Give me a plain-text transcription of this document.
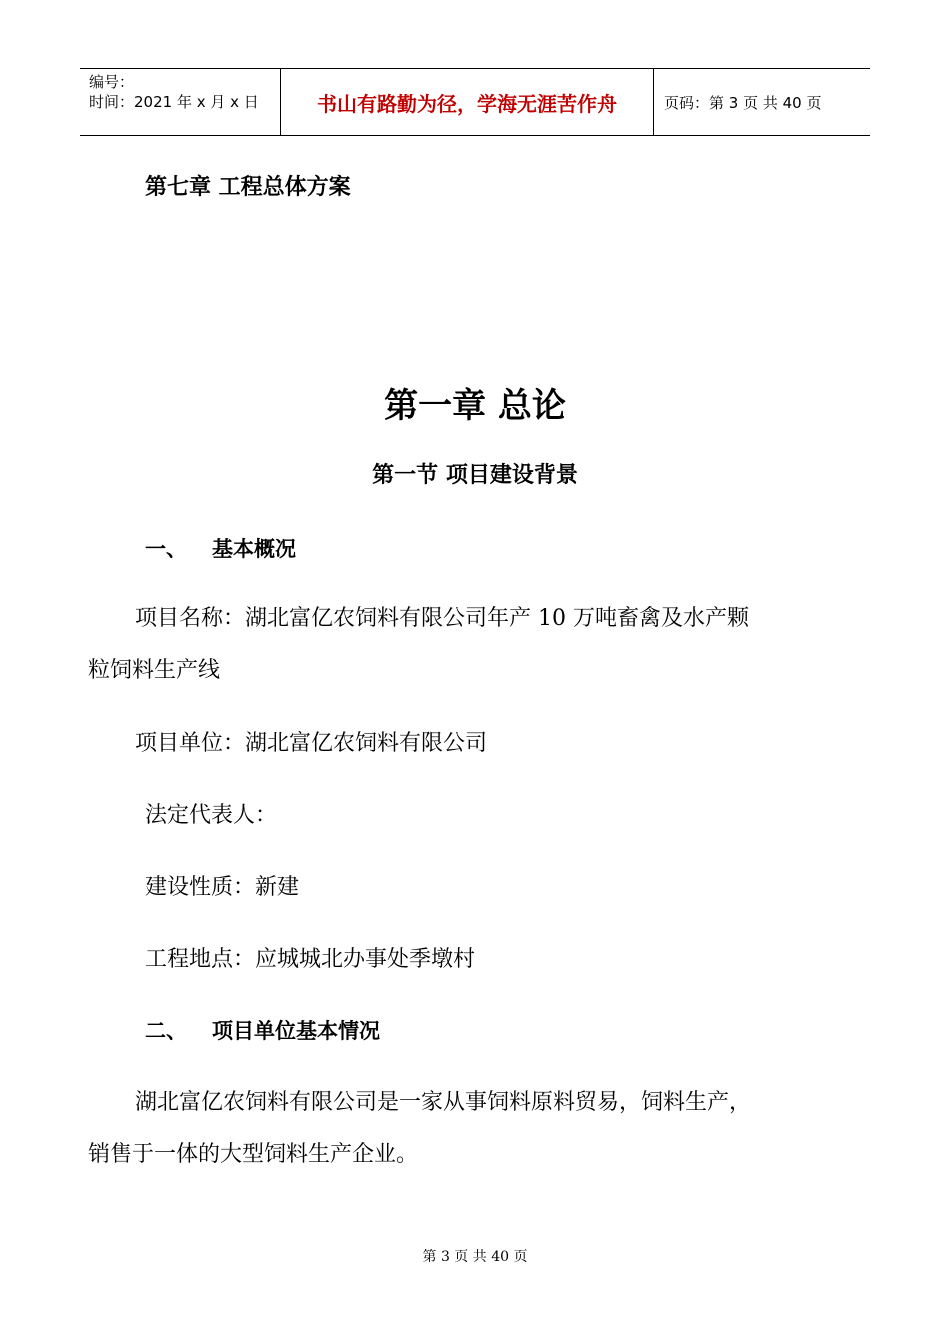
编号：
时间：2021 年 x 月 x 日	书山有路勤为径，学海无涯苦作舟	页码：第 3 页 共 40 页
第七章 工程总体方案
第一章 总论
第一节 项目建设背景
一、 基本概况
项目名称：湖北富亿农饲料有限公司年产 10 万吨畜禽及水产颗
粒饲料生产线
项目单位：湖北富亿农饲料有限公司
法定代表人：
建设性质：新建
工程地点：应城城北办事处季墩村
二、 项目单位基本情况
湖北富亿农饲料有限公司是一家从事饲料原料贸易，饲料生产，
销售于一体的大型饲料生产企业。
第 3 页 共 40 页
